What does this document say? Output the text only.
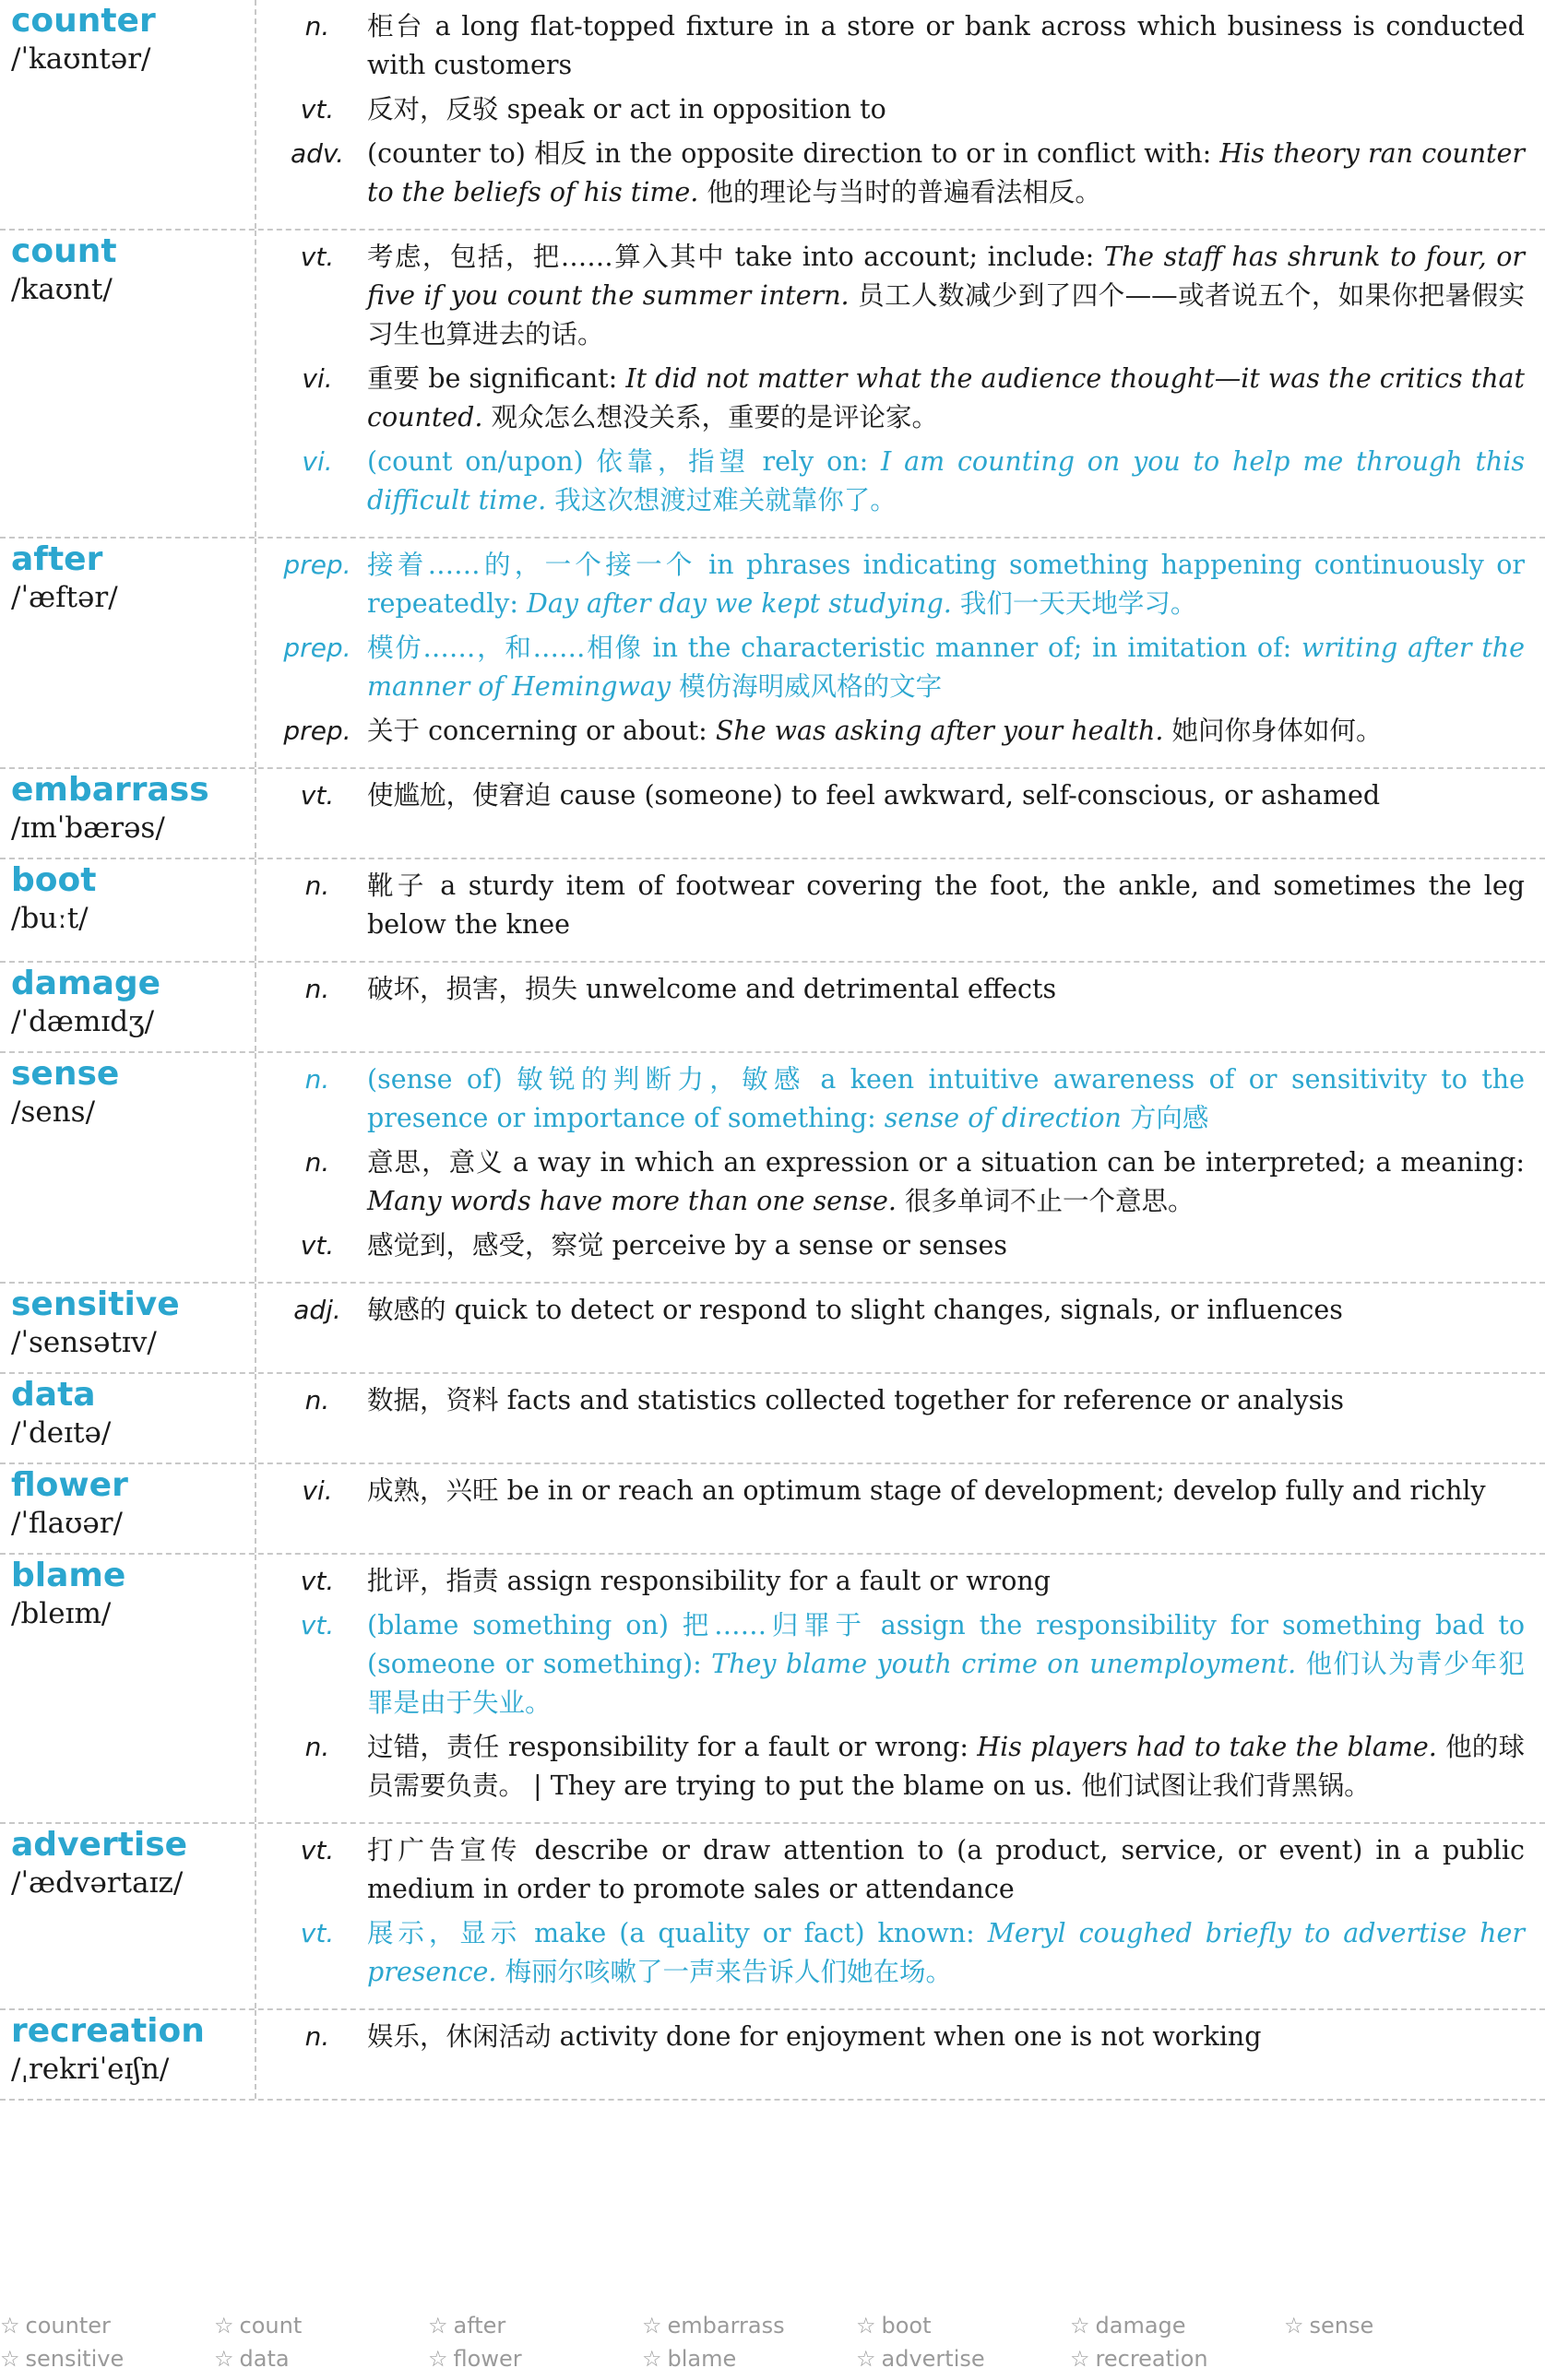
counter
/ˈkaʊntər/
n.	柜台 a long flat-topped fixture in a store or bank across which business is conducted with customers
vt.	反对，反驳 speak or act in opposition to
adv. (counter to) 相反 in the opposite direction to or in conflict with: His theory ran counter to the beliefs of his time. 他的理论与当时的普遍看法相反。
count
/kaʊnt/
vt.	考虑，包括，把……算入其中 take into account; include: The staff has shrunk to four, or five if you count the summer intern. 员工人数减少到了四个——或者说五个，如果你把暑假实习生也算进去的话。
vi.	重要 be significant: It did not matter what the audience thought—it was the critics that counted. 观众怎么想没关系，重要的是评论家。
vi.	(count on/upon) 依靠，指望 rely on: I am counting on you to help me through this difficult time. 我这次想渡过难关就靠你了。
after
/ˈæftər/
prep. 接着……的，一个接一个 in phrases indicating something happening continuously or repeatedly: Day after day we kept studying. 我们一天天地学习。
prep. 模仿……，和……相像 in the characteristic manner of; in imitation of: writing after the manner of Hemingway 模仿海明威风格的文字
prep. 关于 concerning or about: She was asking after your health. 她问你身体如何。
embarrass
/ɪmˈbærəs/
vt.	使尴尬，使窘迫 cause (someone) to feel awkward, self-conscious, or ashamed
boot
/buːt/
n.	靴子 a sturdy item of footwear covering the foot, the ankle, and sometimes the leg below the knee
damage
/ˈdæmɪdʒ/
n.	破坏，损害，损失 unwelcome and detrimental effects
sense
/sens/
n.	(sense of) 敏锐的判断力，敏感 a keen intuitive awareness of or sensitivity to the presence or importance of something: sense of direction 方向感
n.	意思，意义 a way in which an expression or a situation can be interpreted; a meaning: Many words have more than one sense. 很多单词不止一个意思。
vt.	感觉到，感受，察觉 perceive by a sense or senses
sensitive
/ˈsensətɪv/
adj. 敏感的 quick to detect or respond to slight changes, signals, or influences
data
/ˈdeɪtə/
n.	数据，资料 facts and statistics collected together for reference or analysis
flower
/ˈflaʊər/
vi.	成熟，兴旺 be in or reach an optimum stage of development; develop fully and richly
blame
/bleɪm/
vt.	批评，指责 assign responsibility for a fault or wrong
vt.	(blame something on) 把……归罪于 assign the responsibility for something bad to (someone or something): They blame youth crime on unemployment. 他们认为青少年犯罪是由于失业。
n.	过错，责任 responsibility for a fault or wrong: His players had to take the blame. 他的球员需要负责。 | They are trying to put the blame on us. 他们试图让我们背黑锅。
advertise
/ˈædvərtaɪz/
vt.	打广告宣传 describe or draw attention to (a product, service, or event) in a public medium in order to promote sales or attendance
vt.	展示，显示 make (a quality or fact) known: Meryl coughed briefly to advertise her presence. 梅丽尔咳嗽了一声来告诉人们她在场。
recreation
/ˌrekriˈeɪʃn/
n.	娱乐，休闲活动 activity done for enjoyment when one is not working
☆ counter	☆ count	☆ after	☆ embarrass	☆ boot	☆ damage	☆ sense
☆ sensitive	☆ data	☆ flower	☆ blame	☆ advertise	☆ recreation
